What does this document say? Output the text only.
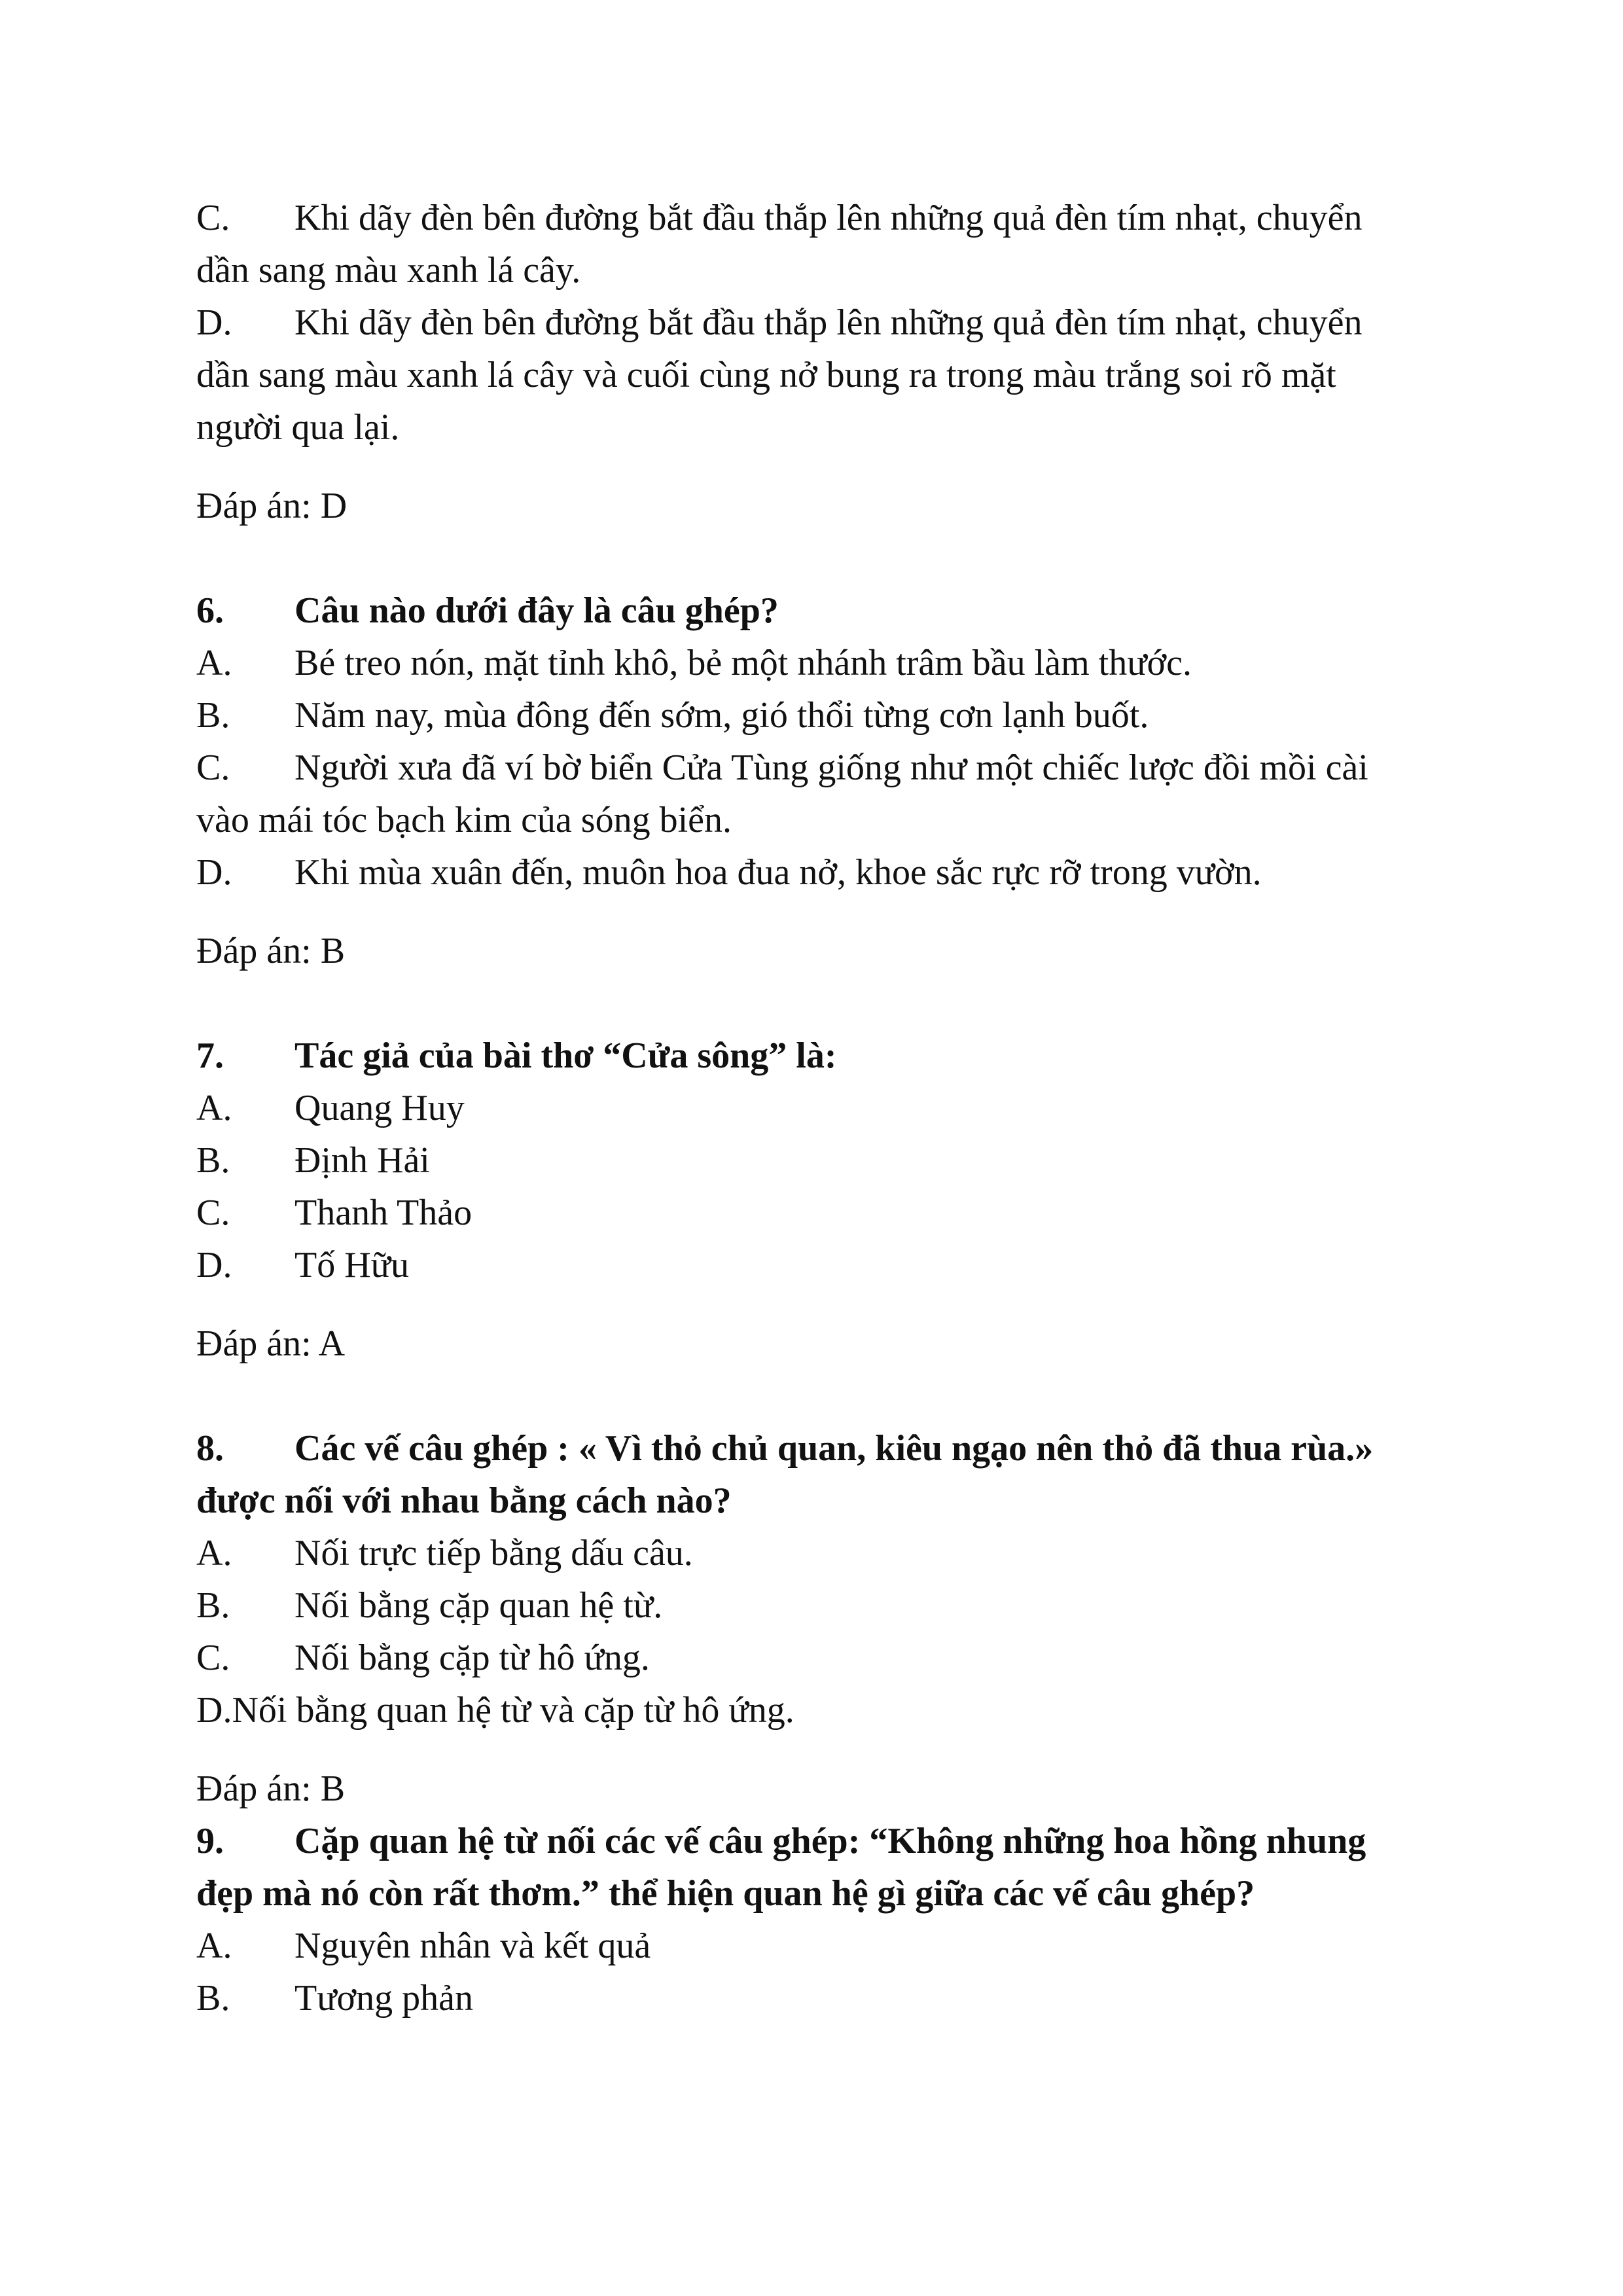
C. Khi dãy đèn bên đường bắt đầu thắp lên những quả đèn tím nhạt, chuyển
dần sang màu xanh lá cây.
D. Khi dãy đèn bên đường bắt đầu thắp lên những quả đèn tím nhạt, chuyển
dần sang màu xanh lá cây và cuối cùng nở bung ra trong màu trắng soi rõ mặt
người qua lại.
Đáp án: D
6. Câu nào dưới đây là câu ghép?
A. Bé treo nón, mặt tỉnh khô, bẻ một nhánh trâm bầu làm thước.
B. Năm nay, mùa đông đến sớm, gió thổi từng cơn lạnh buốt.
C. Người xưa đã ví bờ biển Cửa Tùng giống như một chiếc lược đồi mồi cài
vào mái tóc bạch kim của sóng biển.
D. Khi mùa xuân đến, muôn hoa đua nở, khoe sắc rực rỡ trong vườn.
Đáp án: B
7. Tác giả của bài thơ “Cửa sông” là:
A. Quang Huy
B. Định Hải
C. Thanh Thảo
D. Tố Hữu
Đáp án: A
8. Các vế câu ghép : « Vì thỏ chủ quan, kiêu ngạo nên thỏ đã thua rùa.»
được nối với nhau bằng cách nào?
A. Nối trực tiếp bằng dấu câu.
B. Nối bằng cặp quan hệ từ.
C. Nối bằng cặp từ hô ứng.
D.Nối bằng quan hệ từ và cặp từ hô ứng.
Đáp án: B
9. Cặp quan hệ từ nối các vế câu ghép: “Không những hoa hồng nhung
đẹp mà nó còn rất thơm.” thể hiện quan hệ gì giữa các vế câu ghép?
A. Nguyên nhân và kết quả
B. Tương phản
